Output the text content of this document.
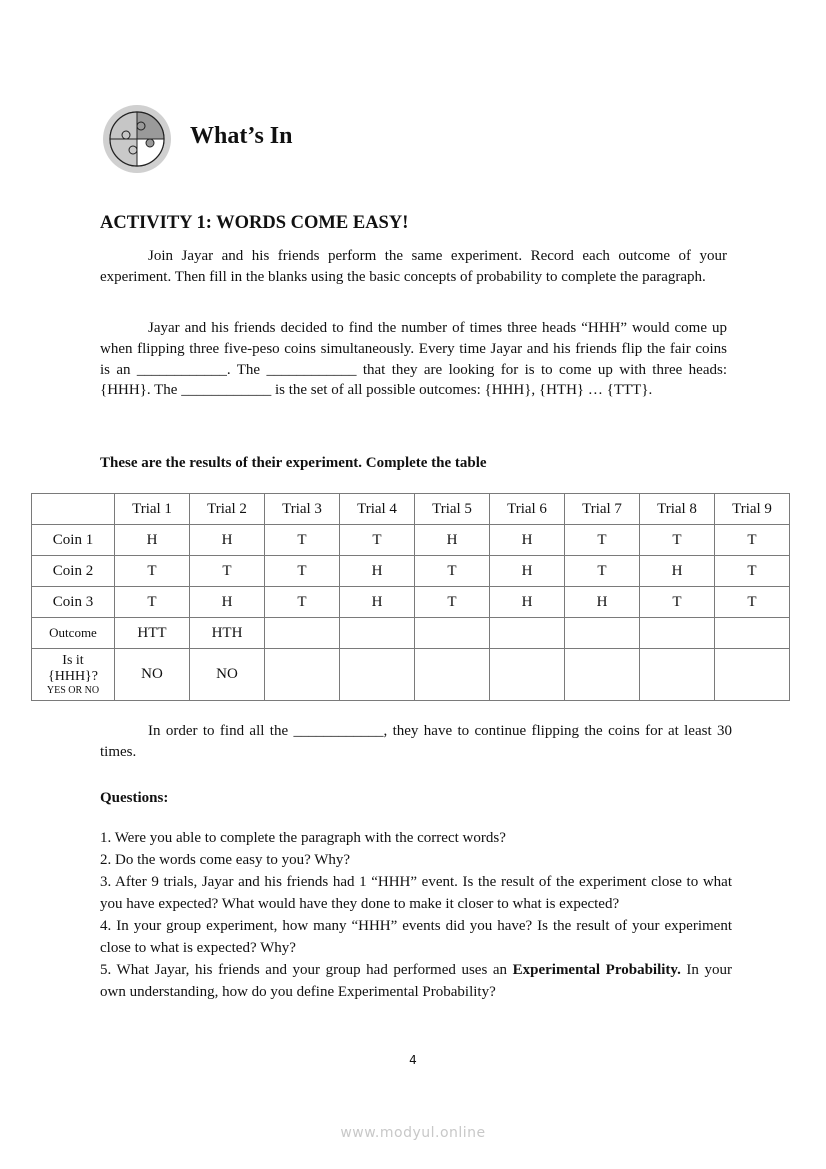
What’s In
ACTIVITY 1: WORDS COME EASY!
Join Jayar and his friends perform the same experiment. Record each outcome of your experiment. Then fill in the blanks using the basic concepts of probability to complete the paragraph.
Jayar and his friends decided to find the number of times three heads “HHH” would come up when flipping three five-peso coins simultaneously. Every time Jayar and his friends flip the fair coins is an ____________. The ____________ that they are looking for is to come up with three heads: {HHH}. The ____________ is the set of all possible outcomes: {HHH}, {HTH} … {TTT}.
These are the results of their experiment. Complete the table
	Trial 1	Trial 2	Trial 3	Trial 4	Trial 5	Trial 6	Trial 7	Trial 8	Trial 9
Coin 1	H	H	T	T	H	H	T	T	T
Coin 2	T	T	T	H	T	H	T	H	T
Coin 3	T	H	T	H	T	H	H	T	T
Outcome	HTT	HTH							
Is it
{HHH}?
YES OR NO	NO	NO							
In order to find all the ____________, they have to continue flipping the coins for at least 30 times.
Questions:
1. Were you able to complete the paragraph with the correct words?
2. Do the words come easy to you? Why?
3. After 9 trials, Jayar and his friends had 1 “HHH” event. Is the result of the experiment close to what you have expected? What would have they done to make it closer to what is expected?
4. In your group experiment, how many “HHH” events did you have? Is the result of your experiment close to what is expected? Why?
5. What Jayar, his friends and your group had performed uses an Experimental Probability. In your own understanding, how do you define Experimental Probability?
4
www.modyul.online
